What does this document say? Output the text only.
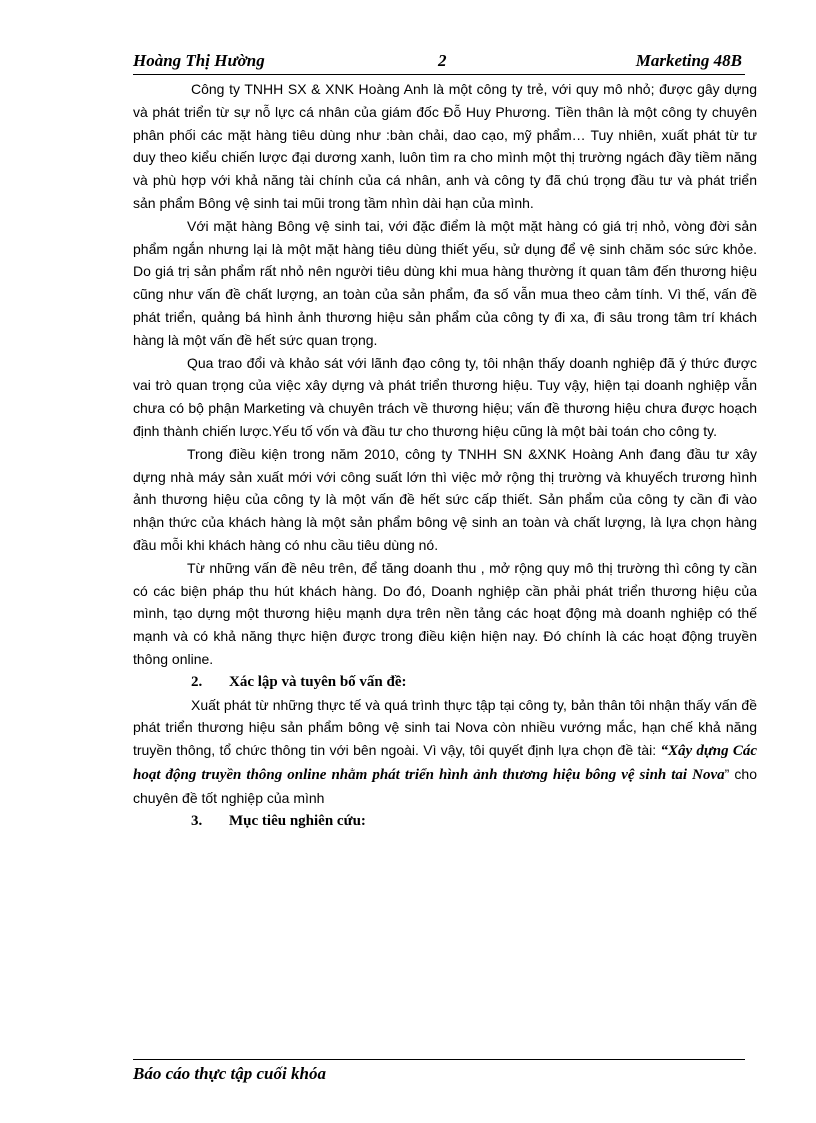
Hoàng Thị Hường	2	Marketing 48B

Công ty TNHH SX & XNK Hoàng Anh là một công ty trẻ, với quy mô nhỏ; được gây dựng và phát triển từ sự nỗ lực cá nhân của giám đốc Đỗ Huy Phương. Tiền thân là một công ty chuyên phân phối các mặt hàng tiêu dùng như :bàn chải, dao cạo, mỹ phẩm… Tuy nhiên, xuất phát từ tư duy theo kiểu chiến lược đại dương xanh, luôn tìm ra cho mình một thị trường ngách đầy tiềm năng và phù hợp với khả năng tài chính của cá nhân, anh và công ty đã chú trọng đầu tư và phát triển sản phẩm Bông vệ sinh tai mũi trong tầm nhìn dài hạn của mình.

Với mặt hàng Bông vệ sinh tai, với đặc điểm là một mặt hàng có giá trị nhỏ, vòng đời sản phẩm ngắn nhưng lại là một mặt hàng tiêu dùng thiết yếu, sử dụng để vệ sinh chăm sóc sức khỏe. Do giá trị sản phẩm rất nhỏ nên người tiêu dùng khi mua hàng thường ít quan tâm đến thương hiệu cũng như vấn đề chất lượng, an toàn của sản phẩm, đa số vẫn mua theo cảm tính. Vì thế, vấn đề phát triển, quảng bá hình ảnh thương hiệu sản phẩm của công ty đi xa, đi sâu trong tâm trí khách hàng là một vấn đề hết sức quan trọng.

Qua trao đổi và khảo sát với lãnh đạo công ty, tôi nhận thấy doanh nghiệp đã ý thức được vai trò quan trọng của việc xây dựng và phát triển thương hiệu. Tuy vậy, hiện tại doanh nghiệp vẫn chưa có bộ phận Marketing và chuyên trách về thương hiệu; vấn đề thương hiệu chưa được hoạch định thành chiến lược.Yếu tố vốn và đầu tư cho thương hiệu cũng là một bài toán cho công ty.

Trong điều kiện trong năm 2010, công ty TNHH SN &XNK Hoàng Anh đang đầu tư xây dựng nhà máy sản xuất mới với công suất lớn thì việc mở rộng thị trường và khuyếch trương hình ảnh thương hiệu của công ty là một vấn đề hết sức cấp thiết. Sản phẩm của công ty cần đi vào nhận thức của khách hàng là một sản phẩm bông vệ sinh an toàn và chất lượng, là lựa chọn hàng đầu mỗi khi khách hàng có nhu cầu tiêu dùng nó.

Từ những vấn đề nêu trên, để tăng doanh thu , mở rộng quy mô thị trường thì công ty cần có các biện pháp thu hút khách hàng. Do đó, Doanh nghiệp cần phải phát triển thương hiệu của mình, tạo dựng một thương hiệu mạnh dựa trên nền tảng các hoạt động mà doanh nghiệp có thế mạnh và có khả năng thực hiện được trong điều kiện hiện nay. Đó chính là các hoạt động truyền thông online.

2. Xác lập và tuyên bố vấn đề:

Xuất phát từ những thực tế và quá trình thực tập tại công ty, bản thân tôi nhận thấy vấn đề phát triển thương hiệu sản phẩm bông vệ sinh tai Nova còn nhiều vướng mắc, hạn chế khả năng truyền thông, tổ chức thông tin với bên ngoài. Vì vậy, tôi quyết định lựa chọn đề tài: “Xây dựng Các hoạt động truyền thông online nhằm phát triển hình ảnh thương hiệu bông vệ sinh tai Nova” cho chuyên đề tốt nghiệp của mình

3. Mục tiêu nghiên cứu:
Báo cáo thực tập cuối khóa
